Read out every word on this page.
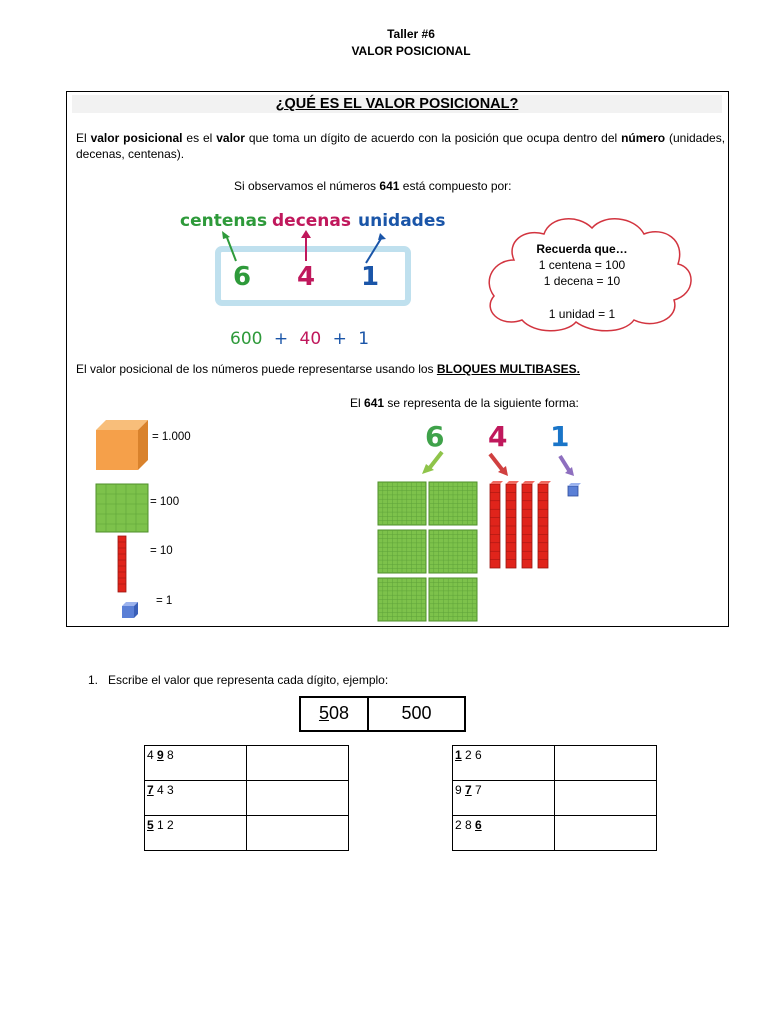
Taller #6
VALOR POSICIONAL
¿QUÉ ES EL VALOR POSICIONAL?
El valor posicional es el valor que toma un dígito de acuerdo con la posición que ocupa dentro del número (unidades, decenas, centenas).
Si observamos el números 641 está compuesto por:
centenas decenas unidades
6 4 1
600 + 40 + 1
Recuerda que…
1 centena = 100
1 decena = 10
1 unidad = 1
El valor posicional de los números puede representarse usando los BLOQUES MULTIBASES.
El 641 se representa de la siguiente forma:
= 1.000
= 100
= 10
= 1
6 4 1
1. Escribe el valor que representa cada dígito, ejemplo:
508	500
4 9 8	
7 4 3	
5 1 2	
1 2 6	
9 7 7	
2 8 6	
